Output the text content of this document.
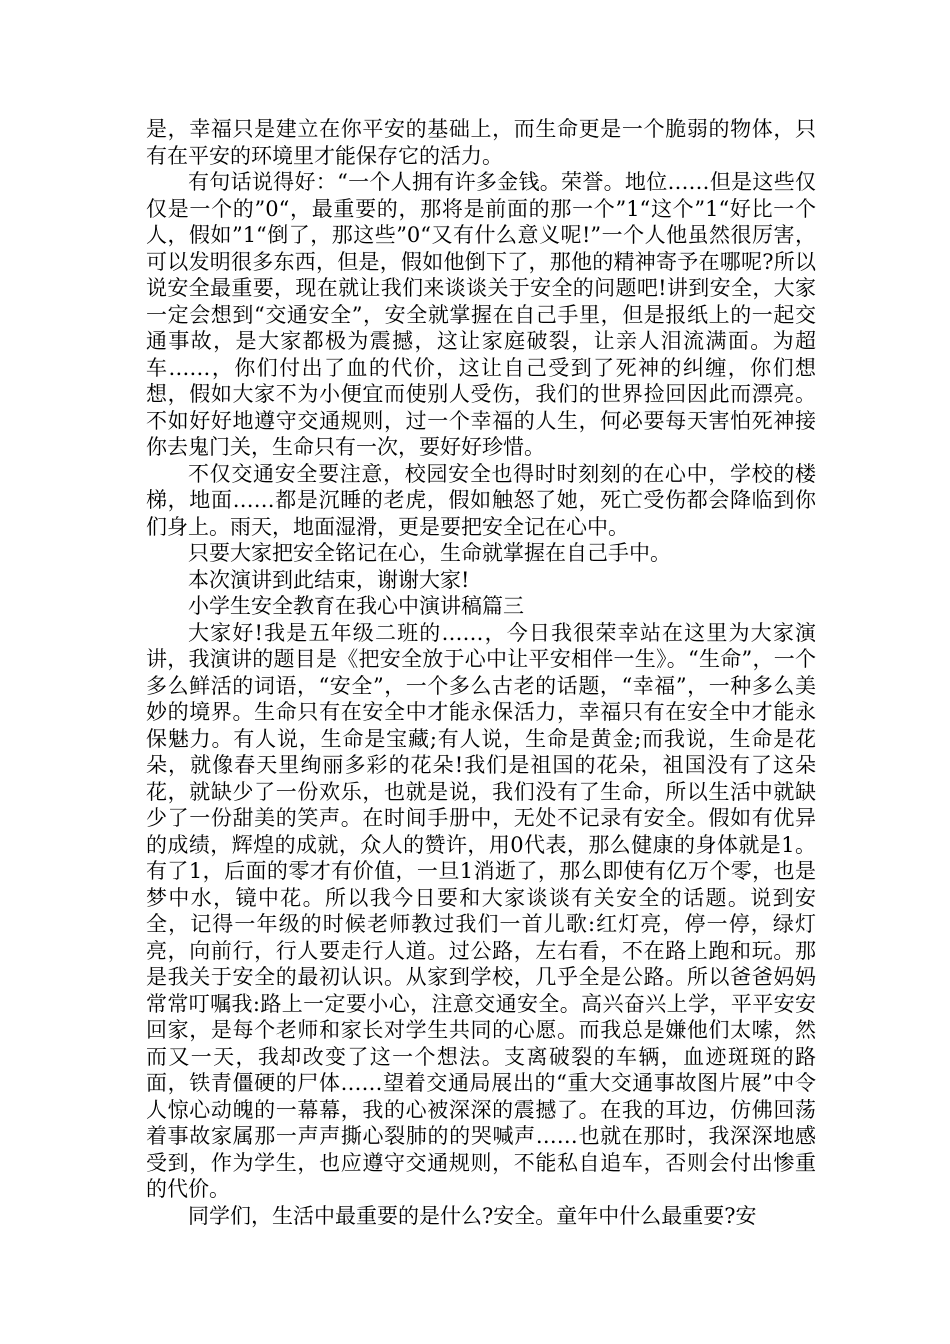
是，幸福只是建立在你平安的基础上，而生命更是一个脆弱的物体，只有在平安的环境里才能保存它的活力。

有句话说得好：“一个人拥有许多金钱。荣誉。地位……但是这些仅仅是一个的”0“，最重要的，那将是前面的那一个”1“这个”1“好比一个人，假如”1“倒了，那这些”0“又有什么意义呢!”一个人他虽然很厉害，可以发明很多东西，但是，假如他倒下了，那他的精神寄予在哪呢?所以说安全最重要，现在就让我们来谈谈关于安全的问题吧!讲到安全，大家一定会想到“交通安全”，安全就掌握在自己手里，但是报纸上的一起交通事故，是大家都极为震撼，这让家庭破裂，让亲人泪流满面。为超车……，你们付出了血的代价，这让自己受到了死神的纠缠，你们想想，假如大家不为小便宜而使别人受伤，我们的世界捡回因此而漂亮。不如好好地遵守交通规则，过一个幸福的人生，何必要每天害怕死神接你去鬼门关，生命只有一次，要好好珍惜。

不仅交通安全要注意，校园安全也得时时刻刻的在心中，学校的楼梯，地面……都是沉睡的老虎，假如触怒了她，死亡受伤都会降临到你们身上。雨天，地面湿滑，更是要把安全记在心中。

只要大家把安全铭记在心，生命就掌握在自己手中。

本次演讲到此结束，谢谢大家!

小学生安全教育在我心中演讲稿篇三

大家好!我是五年级二班的……，今日我很荣幸站在这里为大家演讲，我演讲的题目是《把安全放于心中让平安相伴一生》。“生命”，一个多么鲜活的词语，“安全”，一个多么古老的话题，“幸福”，一种多么美妙的境界。生命只有在安全中才能永保活力，幸福只有在安全中才能永保魅力。有人说，生命是宝藏;有人说，生命是黄金;而我说，生命是花朵，就像春天里绚丽多彩的花朵!我们是祖国的花朵，祖国没有了这朵花，就缺少了一份欢乐，也就是说，我们没有了生命，所以生活中就缺少了一份甜美的笑声。在时间手册中，无处不记录有安全。假如有优异的成绩，辉煌的成就，众人的赞许，用0代表，那么健康的身体就是1。有了1，后面的零才有价值，一旦1消逝了，那么即使有亿万个零，也是梦中水，镜中花。所以我今日要和大家谈谈有关安全的话题。说到安全，记得一年级的时候老师教过我们一首儿歌:红灯亮，停一停，绿灯亮，向前行，行人要走行人道。过公路，左右看，不在路上跑和玩。那是我关于安全的最初认识。从家到学校，几乎全是公路。所以爸爸妈妈常常叮嘱我:路上一定要小心，注意交通安全。高兴奋兴上学，平平安安回家，是每个老师和家长对学生共同的心愿。而我总是嫌他们太嗦，然而又一天，我却改变了这一个想法。支离破裂的车辆，血迹斑斑的路面，铁青僵硬的尸体……望着交通局展出的“重大交通事故图片展”中令人惊心动魄的一幕幕，我的心被深深的震撼了。在我的耳边，仿佛回荡着事故家属那一声声撕心裂肺的的哭喊声……也就在那时，我深深地感受到，作为学生，也应遵守交通规则，不能私自追车，否则会付出惨重的代价。

同学们，生活中最重要的是什么?安全。童年中什么最重要?安
